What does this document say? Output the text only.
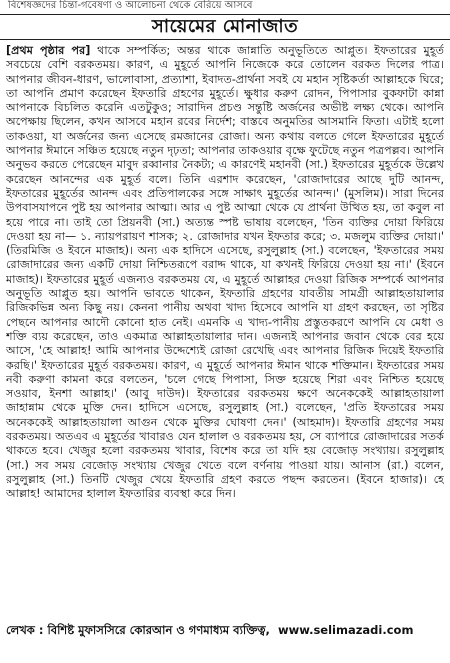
বিশেষজ্ঞদের চিন্তা-গবেষণা ও আলোচনা থেকে বেরিয়ে আসবে
সায়েমের মোনাজাত

[প্রথম পৃষ্ঠার পর] থাকে সম্পর্কিত; অন্তর থাকে জান্নাতি অনুভূতিতে আপ্লুত। ইফতারের মুহূর্ত সবচেয়ে বেশি বরকতময়। কারণ, এ মুহূর্তে আপনি নিজেকে করে তোলেন বরকত দিলের পাত্র। আপনার জীবন-ধারণ, ভালোবাসা, প্রত্যাশা, ইবাদত-প্রার্থনা সবই যে মহান সৃষ্টিকর্তা আল্লাহকে ঘিরে; তা আপনি প্রমাণ করেছেন ইফতারি গ্রহণের মুহূর্তে। ক্ষুধার করুণ রোদন, পিপাসার বুকফাটা কান্না আপনাকে বিচলিত করেনি এতটুকুও; সারাদিন প্রচণ্ড সন্তুষ্টি অর্জনের অভীষ্ট লক্ষ্য থেকে। আপনি অপেক্ষায় ছিলেন, কখন আসবে মহান রবের নির্দেশ; বাস্তবে অনুমতির আসমানি ফিতা। এটাই হলো তাকওয়া, যা অর্জনের জন্য এসেছে রমজানের রোজা। অন্য কথায় বলতে গেলে ইফতারের মুহূর্তে আপনার ঈমানে সঞ্চিত হয়েছে নতুন দৃঢ়তা; আপনার তাকওয়ার বৃক্ষে ফুটেছে নতুন পত্রপল্লব। আপনি অনুভব করতে পেরেছেন মাবুদ রব্বানার নৈকট্য; এ কারণেই মহানবী (সা.) ইফতারের মুহূর্তকে উল্লেখ করেছেন আনন্দের এক মুহূর্ত বলে। তিনি এরশাদ করেছেন, 'রোজাদারের আছে দুটি আনন্দ, ইফতারের মুহূর্তের আনন্দ এবং প্রতিপালকের সঙ্গে সাক্ষাৎ মুহূর্তের আনন্দ।' (মুসলিম)। সারা দিনের উপবাসযাপনে পুষ্ট হয় আপনার আত্মা। আর এ পুষ্ট আত্মা থেকে যে প্রার্থনা উত্থিত হয়, তা কবুল না হয়ে পারে না। তাই তো প্রিয়নবী (সা.) অত্যন্ত স্পষ্ট ভাষায় বলেছেন, 'তিন ব্যক্তির দোয়া ফিরিয়ে দেওয়া হয় না— ১. ন্যায়পরায়ণ শাসক; ২. রোজাদার যখন ইফতার করে; ৩. মজলুম ব্যক্তির দোয়া।' (তিরমিজি ও ইবনে মাজাহ)। অন্য এক হাদিসে এসেছে, রসুলুল্লাহ (সা.) বলেছেন, 'ইফতারের সময় রোজাদারের জন্য একটি দোয়া নিশ্চিতরূপে বরাদ্দ থাকে, যা কখনই ফিরিয়ে দেওয়া হয় না।' (ইবনে মাজাহ)। ইফতারের মুহূর্ত এজন্যও বরকতময় যে, এ মুহূর্তে আল্লাহর দেওয়া রিজিক সম্পর্কে আপনার অনুভূতি আপ্লুত হয়। আপনি ভাবতে থাকেন, ইফতারি গ্রহণের যাবতীয় সামগ্রী আল্লাহতায়ালার রিজিকভিন্ন অন্য কিছু নয়। কেননা পানীয় অথবা খাদ্য হিসেবে আপনি যা গ্রহণ করছেন, তা সৃষ্টির পেছনে আপনার আদৌ কোনো হাত নেই। এমনকি এ খাদ্য-পানীয় প্রস্তুতকরণে আপনি যে মেধা ও শক্তি ব্যয় করেছেন, তাও একমাত্র আল্লাহতায়ালার দান। এজন্যই আপনার জবান থেকে বের হয়ে আসে, 'হে আল্লাহ! আমি আপনার উদ্দেশ্যেই রোজা রেখেছি এবং আপনার রিজিক দিয়েই ইফতারি করছি।' ইফতারের মুহূর্ত বরকতময়। কারণ, এ মুহূর্তে আপনার ঈমান থাকে শক্তিমান। ইফতারের সময় নবী করুণা কামনা করে বলতেন, 'চলে গেছে পিপাসা, সিক্ত হয়েছে শিরা এবং নিশ্চিত হয়েছে সওয়াব, ইনশা আল্লাহ।' (আবু দাউদ)। ইফতারের বরকতময় ক্ষণে অনেককেই আল্লাহতায়ালা জাহান্নাম থেকে মুক্তি দেন। হাদিসে এসেছে, রসুলুল্লাহ (সা.) বলেছেন, 'প্রতি ইফতারের সময় অনেককেই আল্লাহতায়ালা আগুন থেকে মুক্তির ঘোষণা দেন।' (আহমাদ)। ইফতারি গ্রহণের সময় বরকতময়। অতএব এ মুহূর্তের খাবারও যেন হালাল ও বরকতময় হয়, সে ব্যাপারে রোজাদারের সতর্ক থাকতে হবে। খেজুর হলো বরকতময় খাবার, বিশেষ করে তা যদি হয় বেজোড় সংখ্যায়। রসুলুল্লাহ (সা.) সব সময় বেজোড় সংখ্যায় খেজুর খেতে বলে বর্ণনায় পাওয়া যায়। আনাস (রা.) বলেন, রসুলুল্লাহ (সা.) তিনটি খেজুর খেয়ে ইফতারি গ্রহণ করতে পছন্দ করতেন। (ইবনে হাজার)। হে আল্লাহ! আমাদের হালাল ইফতারির ব্যবস্থা করে দিন।

লেখক : বিশিষ্ট মুফাসসিরে কোরআন ও গণমাধ্যম ব্যক্তিত্ব, www.selimazadi.com
